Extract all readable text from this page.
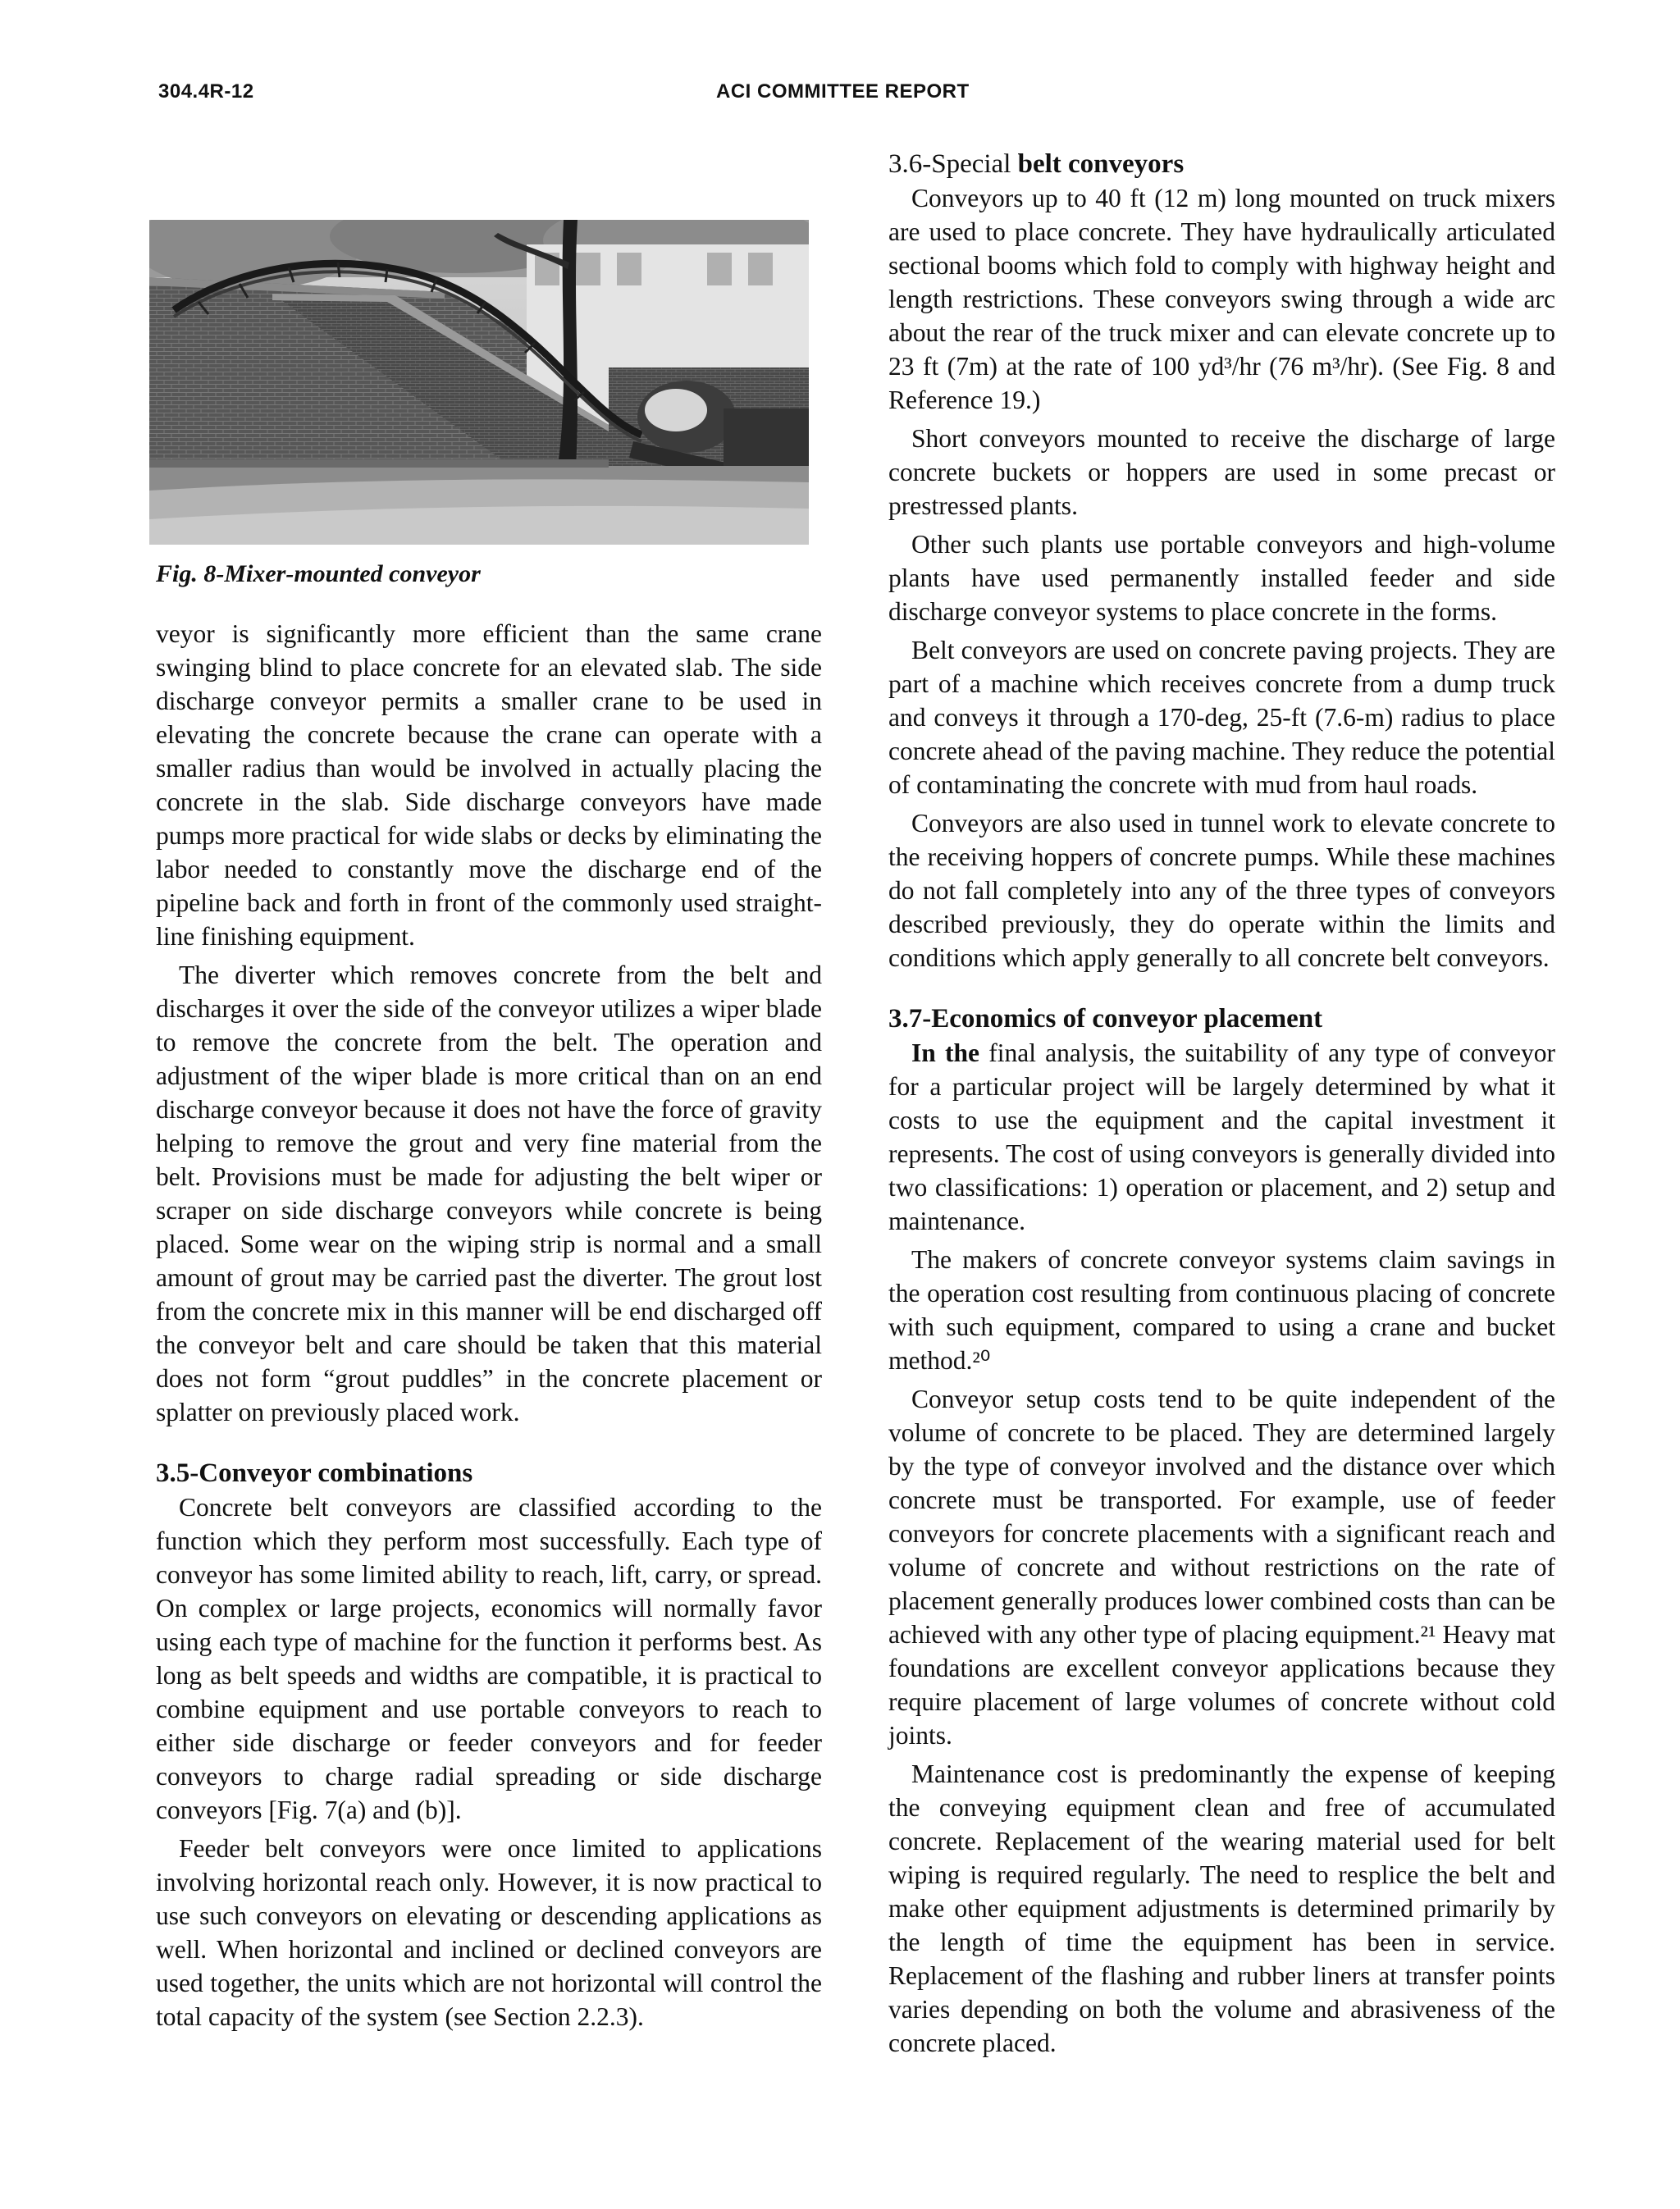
304.4R-12	ACI COMMITTEE REPORT
Fig. 8-Mixer-mounted conveyor

veyor is significantly more efficient than the same crane swinging blind to place concrete for an elevated slab. The side discharge conveyor permits a smaller crane to be used in elevating the concrete because the crane can operate with a smaller radius than would be involved in actually placing the concrete in the slab. Side discharge conveyors have made pumps more practical for wide slabs or decks by eliminating the labor needed to constantly move the discharge end of the pipeline back and forth in front of the commonly used straight-line finishing equipment.

The diverter which removes concrete from the belt and discharges it over the side of the conveyor utilizes a wiper blade to remove the concrete from the belt. The operation and adjustment of the wiper blade is more critical than on an end discharge conveyor because it does not have the force of gravity helping to remove the grout and very fine material from the belt. Provisions must be made for adjusting the belt wiper or scraper on side discharge conveyors while concrete is being placed. Some wear on the wiping strip is normal and a small amount of grout may be carried past the diverter. The grout lost from the concrete mix in this manner will be end discharged off the conveyor belt and care should be taken that this material does not form “grout puddles” in the concrete placement or splatter on previously placed work.

3.5-Conveyor combinations

Concrete belt conveyors are classified according to the function which they perform most successfully. Each type of conveyor has some limited ability to reach, lift, carry, or spread. On complex or large projects, economics will normally favor using each type of machine for the function it performs best. As long as belt speeds and widths are compatible, it is practical to combine equipment and use portable conveyors to reach to either side discharge or feeder conveyors and for feeder conveyors to charge radial spreading or side discharge conveyors [Fig. 7(a) and (b)].

Feeder belt conveyors were once limited to applications involving horizontal reach only. However, it is now practical to use such conveyors on elevating or descending applications as well. When horizontal and inclined or declined conveyors are used together, the units which are not horizontal will control the total capacity of the system (see Section 2.2.3).

3.6-Special belt conveyors

Conveyors up to 40 ft (12 m) long mounted on truck mixers are used to place concrete. They have hydraulically articulated sectional booms which fold to comply with highway height and length restrictions. These conveyors swing through a wide arc about the rear of the truck mixer and can elevate concrete up to 23 ft (7m) at the rate of 100 yd³/hr (76 m³/hr). (See Fig. 8 and Reference 19.)

Short conveyors mounted to receive the discharge of large concrete buckets or hoppers are used in some precast or prestressed plants.

Other such plants use portable conveyors and high-volume plants have used permanently installed feeder and side discharge conveyor systems to place concrete in the forms.

Belt conveyors are used on concrete paving projects. They are part of a machine which receives concrete from a dump truck and conveys it through a 170-deg, 25-ft (7.6-m) radius to place concrete ahead of the paving machine. They reduce the potential of contaminating the concrete with mud from haul roads.

Conveyors are also used in tunnel work to elevate concrete to the receiving hoppers of concrete pumps. While these machines do not fall completely into any of the three types of conveyors described previously, they do operate within the limits and conditions which apply generally to all concrete belt conveyors.

3.7-Economics of conveyor placement

In the final analysis, the suitability of any type of conveyor for a particular project will be largely determined by what it costs to use the equipment and the capital investment it represents. The cost of using conveyors is generally divided into two classifications: 1) operation or placement, and 2) setup and maintenance.

The makers of concrete conveyor systems claim savings in the operation cost resulting from continuous placing of concrete with such equipment, compared to using a crane and bucket method.²⁰

Conveyor setup costs tend to be quite independent of the volume of concrete to be placed. They are determined largely by the type of conveyor involved and the distance over which concrete must be transported. For example, use of feeder conveyors for concrete placements with a significant reach and volume of concrete and without restrictions on the rate of placement generally produces lower combined costs than can be achieved with any other type of placing equipment.²¹ Heavy mat foundations are excellent conveyor applications because they require placement of large volumes of concrete without cold joints.

Maintenance cost is predominantly the expense of keeping the conveying equipment clean and free of accumulated concrete. Replacement of the wearing material used for belt wiping is required regularly. The need to resplice the belt and make other equipment adjustments is determined primarily by the length of time the equipment has been in service. Replacement of the flashing and rubber liners at transfer points varies depending on both the volume and abrasiveness of the concrete placed.
